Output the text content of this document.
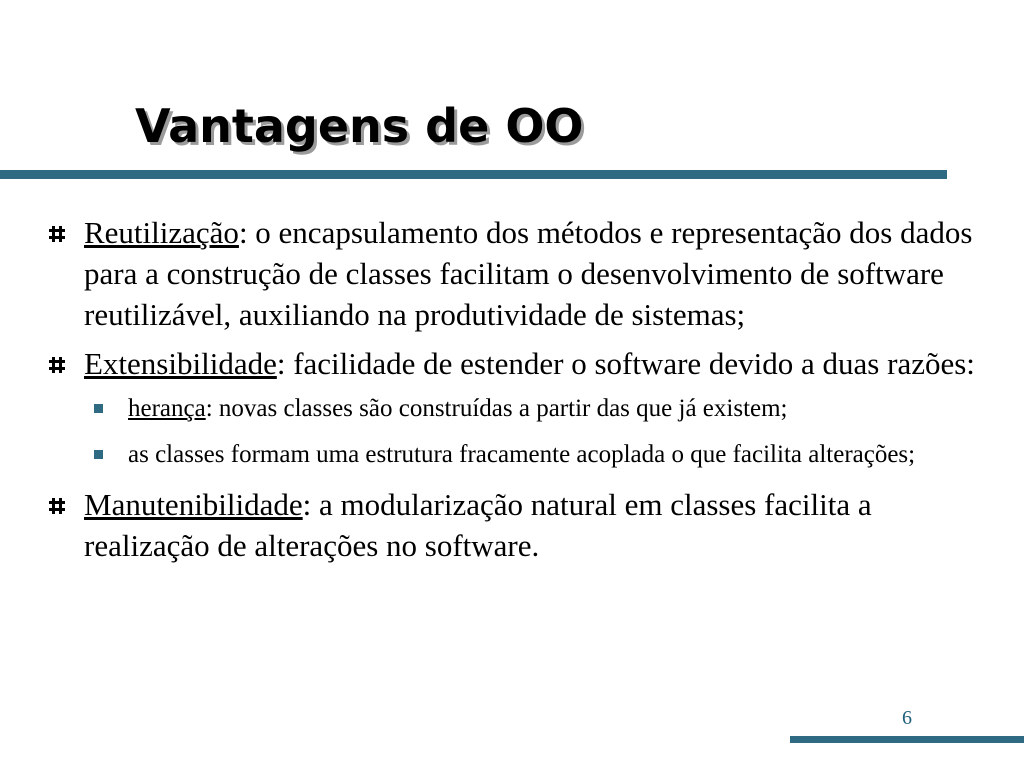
Vantagens de OO
Reutilização: o encapsulamento dos métodos e representação dos dados para a construção de classes facilitam o desenvolvimento de software reutilizável, auxiliando na produtividade de sistemas;
Extensibilidade: facilidade de estender o software devido a duas razões:
herança: novas classes são construídas a partir das que já existem;
as classes formam uma estrutura fracamente acoplada o que facilita alterações;
Manutenibilidade: a modularização natural em classes facilita a realização de alterações no software.
6
